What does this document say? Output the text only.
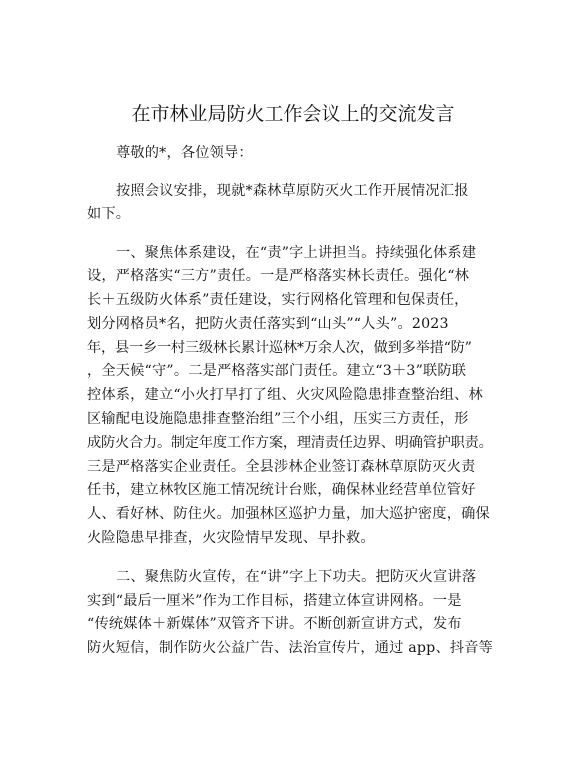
在市林业局防火工作会议上的交流发言
尊敬的*，各位领导：
按照会议安排，现就*森林草原防灭火工作开展情况汇报
如下。
一、聚焦体系建设，在“责”字上讲担当。持续强化体系建
设，严格落实“三方”责任。一是严格落实林长责任。强化“林
长＋五级防火体系”责任建设，实行网格化管理和包保责任，
划分网格员*名，把防火责任落实到“山头”“人头”。2023
年，县一乡一村三级林长累计巡林*万余人次，做到多举措“防”
，全天候“守”。二是严格落实部门责任。建立“3＋3”联防联
控体系，建立“小火打早打了组、火灾风险隐患排查整治组、林
区输配电设施隐患排查整治组”三个小组，压实三方责任，形
成防火合力。制定年度工作方案，理清责任边界、明确管护职责。
三是严格落实企业责任。全县涉林企业签订森林草原防灭火责
任书，建立林牧区施工情况统计台账，确保林业经营单位管好
人、看好林、防住火。加强林区巡护力量，加大巡护密度，确保
火险隐患早排查，火灾险情早发现、早扑救。
二、聚焦防火宣传，在“讲”字上下功夫。把防灭火宣讲落
实到“最后一厘米”作为工作目标，搭建立体宣讲网格。一是
“传统媒体＋新媒体”双管齐下讲。不断创新宣讲方式，发布
防火短信，制作防火公益广告、法治宣传片，通过 app、抖音等
